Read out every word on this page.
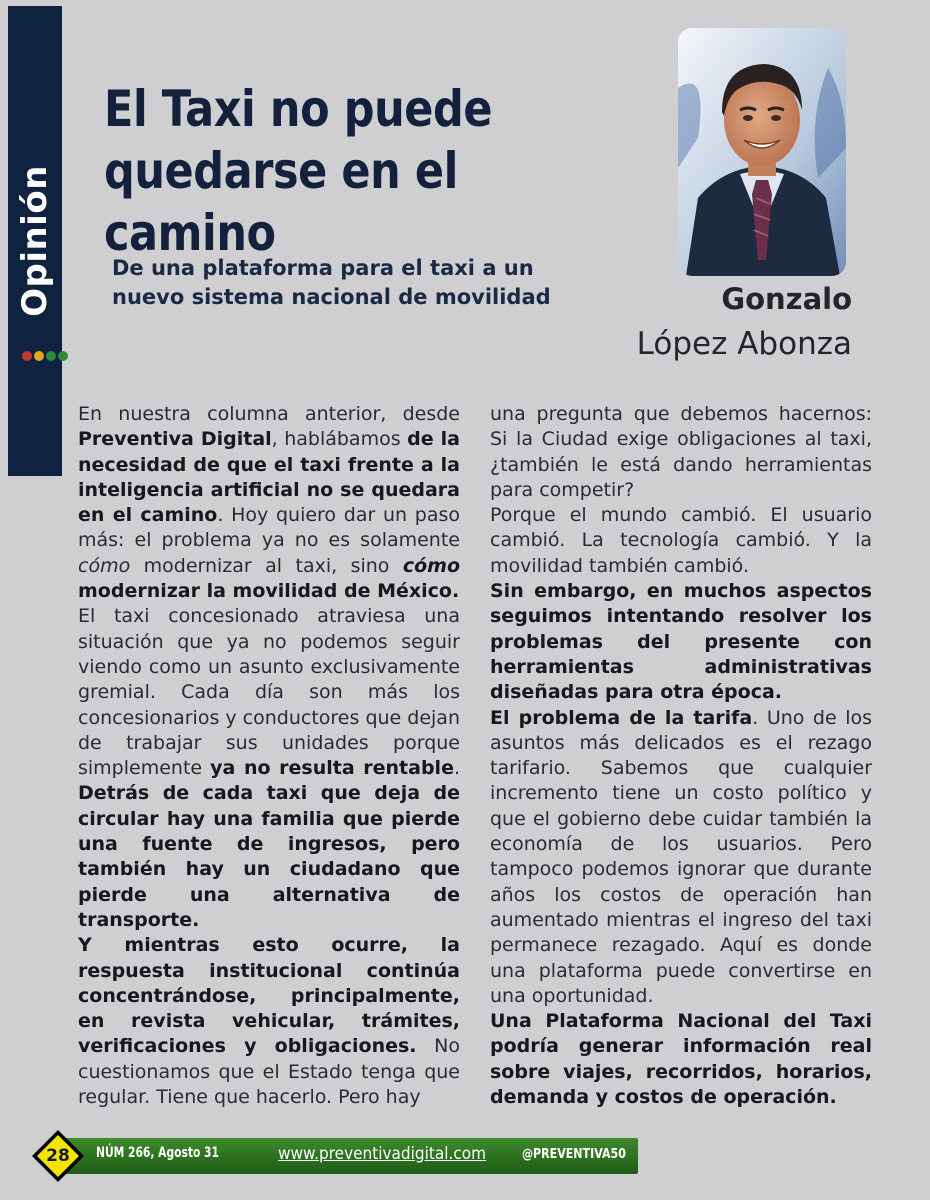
Opinión
El Taxi no puede
quedarse en el camino
De una plataforma para el taxi a un
nuevo sistema nacional de movilidad	Gonzalo

López Abonza

En nuestra columna anterior, desde Preventiva Digital, hablábamos de la necesidad de que el taxi frente a la inteligencia artificial no se quedara en el camino. Hoy quiero dar un paso más: el problema ya no es solamente cómo modernizar al taxi, sino cómo modernizar la movilidad de México.

El taxi concesionado atraviesa una situación que ya no podemos seguir viendo como un asunto exclusivamente gremial. Cada día son más los concesionarios y conductores que dejan de trabajar sus unidades porque simplemente ya no resulta rentable. Detrás de cada taxi que deja de circular hay una familia que pierde una fuente de ingresos, pero también hay un ciudadano que pierde una alternativa de transporte.

Y mientras esto ocurre, la respuesta institucional continúa concentrándose, principalmente, en revista vehicular, trámites, verificaciones y obligaciones. No cuestionamos que el Estado tenga que regular. Tiene que hacerlo. Pero hay

una pregunta que debemos hacernos: Si la Ciudad exige obligaciones al taxi, ¿también le está dando herramientas para competir?

Porque el mundo cambió. El usuario cambió. La tecnología cambió. Y la movilidad también cambió.

Sin embargo, en muchos aspectos seguimos intentando resolver los problemas del presente con herramientas administrativas diseñadas para otra época.

El problema de la tarifa. Uno de los asuntos más delicados es el rezago tarifario. Sabemos que cualquier incremento tiene un costo político y que el gobierno debe cuidar también la economía de los usuarios. Pero tampoco podemos ignorar que durante años los costos de operación han aumentado mientras el ingreso del taxi permanece rezagado. Aquí es donde una plataforma puede convertirse en una oportunidad.

Una Plataforma Nacional del Taxi podría generar información real sobre viajes, recorridos, horarios, demanda y costos de operación.

28	NÚM 266, Agosto 31	www.preventivadigital.com	@PREVENTIVA50
